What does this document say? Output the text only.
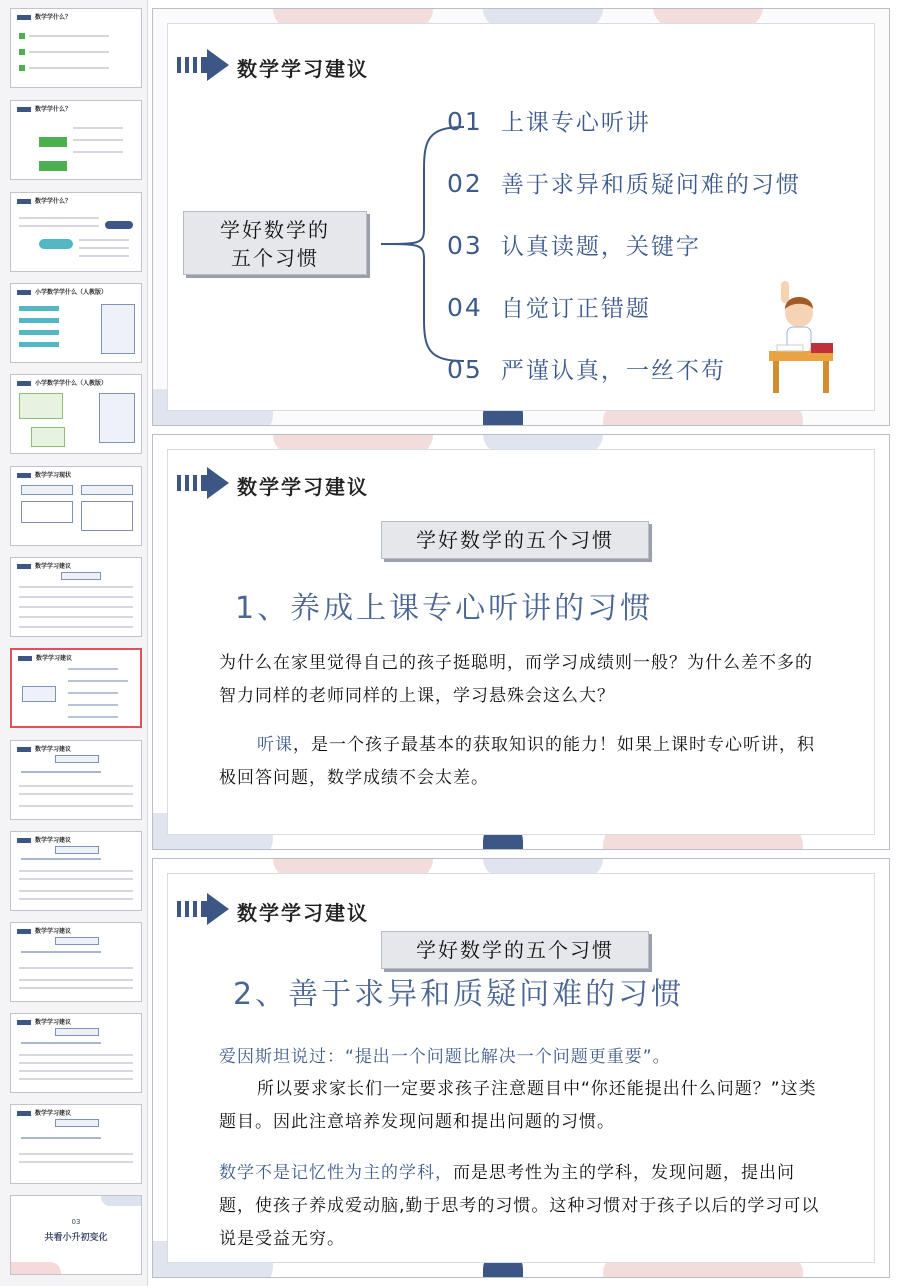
数学学什么？
数学学什么？
数学学什么？
小学数学学什么（人教版）
小学数学学什么（人教版）
数学学习现状
数学学习建议
数学学习建议
数学学习建议
数学学习建议
数学学习建议
数学学习建议
数学学习建议
03
共看小升初变化
数学学习建议
学好数学的
五个习惯
01 上课专心听讲
02 善于求异和质疑问难的习惯
03 认真读题，关键字
04 自觉订正错题
05 严谨认真，一丝不苟
数学学习建议
学好数学的五个习惯
1、养成上课专心听讲的习惯
为什么在家里觉得自己的孩子挺聪明，而学习成绩则一般？为什么差不多的智力同样的老师同样的上课，学习悬殊会这么大？
听课，是一个孩子最基本的获取知识的能力！如果上课时专心听讲，积极回答问题，数学成绩不会太差。
数学学习建议
学好数学的五个习惯
2、善于求异和质疑问难的习惯
爱因斯坦说过：“提出一个问题比解决一个问题更重要”。
所以要求家长们一定要求孩子注意题目中“你还能提出什么问题？”这类题目。因此注意培养发现问题和提出问题的习惯。
数学不是记忆性为主的学科，而是思考性为主的学科，发现问题，提出问题，使孩子养成爱动脑,勤于思考的习惯。这种习惯对于孩子以后的学习可以说是受益无穷。
